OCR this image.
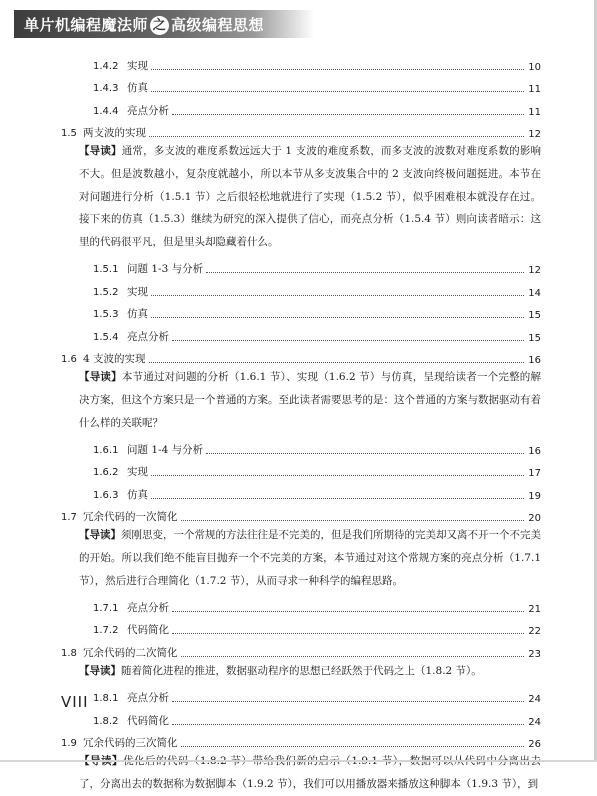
单片机编程魔法师 之 高级编程思想
1.4.2 实现	10
1.4.3 仿真	11
1.4.4 亮点分析	11
1.5 两支波的实现	12
【导读】通常，多支波的难度系数远远大于 1 支波的难度系数，而多支波的波数对难度系数的影响不大。但是波数越小，复杂度就越小，所以本节从多支波集合中的 2 支波向终极问题挺进。本节在对问题进行分析（1.5.1 节）之后很轻松地就进行了实现（1.5.2 节），似乎困难根本就没存在过。接下来的仿真（1.5.3）继续为研究的深入提供了信心，而亮点分析（1.5.4 节）则向读者暗示：这里的代码很平凡，但是里头却隐藏着什么。
1.5.1 问题 1-3 与分析	12
1.5.2 实现	14
1.5.3 仿真	15
1.5.4 亮点分析	15
1.6 4 支波的实现	16
【导读】本节通过对问题的分析（1.6.1 节）、实现（1.6.2 节）与仿真，呈现给读者一个完整的解决方案，但这个方案只是一个普通的方案。至此读者需要思考的是：这个普通的方案与数据驱动有着什么样的关联呢？
1.6.1 问题 1-4 与分析	16
1.6.2 实现	17
1.6.3 仿真	19
1.7 冗余代码的一次简化	20
【导读】须刚思变，一个常规的方法往往是不完美的，但是我们所期待的完美却又离不开一个不完美的开始。所以我们绝不能盲目抛弃一个不完美的方案，本节通过对这个常规方案的亮点分析（1.7.1 节），然后进行合理简化（1.7.2 节），从而寻求一种科学的编程思路。
1.7.1 亮点分析	21
1.7.2 代码简化	22
1.8 冗余代码的二次简化	23
【导读】随着简化进程的推进，数据驱动程序的思想已经跃然于代码之上（1.8.2 节）。
1.8.1 亮点分析	24
1.8.2 代码简化	24
1.9 冗余代码的三次简化	26
了，分离出去的数据称为数据脚本（1.9.2 节），我们可以用播放器来播放这种脚本（1.9.3 节），到
VIII
